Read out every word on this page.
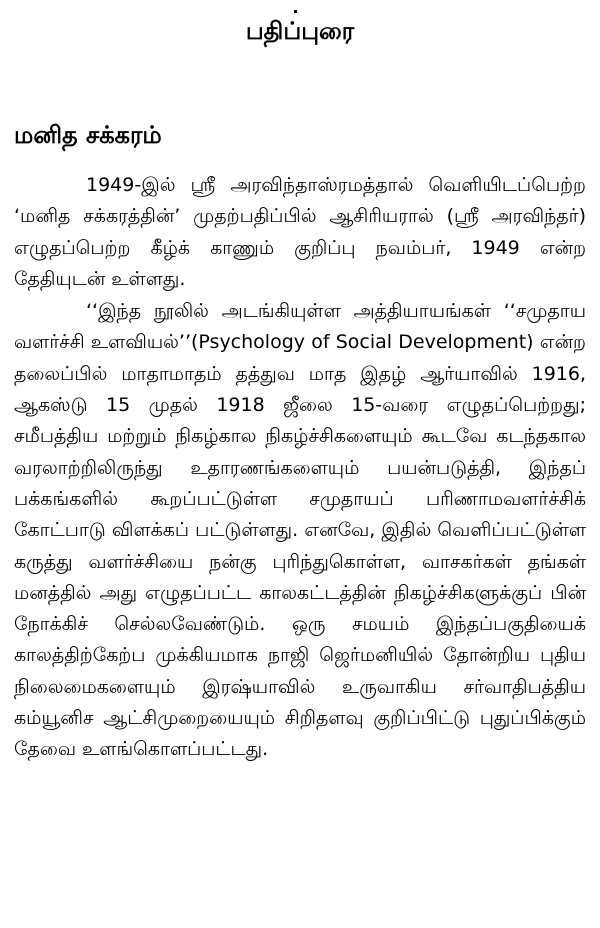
பதிப்புரை
மனித சக்கரம்

1949-இல் ஸ்ரீ அரவிந்தாஸ்ரமத்தால் வெளியிடப்பெற்ற ‘மனித சக்கரத்தின்’ முதற்பதிப்பில் ஆசிரியரால் (ஸ்ரீ அரவிந்தர்) எழுதப்பெற்ற கீழ்க் காணும் குறிப்பு நவம்பர், 1949 என்ற தேதியுடன் உள்ளது.

‘‘இந்த நூலில் அடங்கியுள்ள அத்தியாயங்கள் ‘‘சமுதாய வளர்ச்சி உளவியல்’’(Psychology of Social Development) என்ற தலைப்பில் மாதாமாதம் தத்துவ மாத இதழ் ஆர்யாவில் 1916, ஆகஸ்டு 15 முதல் 1918 ஜீலை 15-வரை எழுதப்பெற்றது; சமீபத்திய மற்றும் நிகழ்கால நிகழ்ச்சிகளையும் கூடவே கடந்தகால வரலாற்றிலிருந்து உதாரணங்களையும் பயன்படுத்தி, இந்தப் பக்கங்களில் கூறப்பட்டுள்ள சமுதாயப் பரிணாமவளர்ச்சிக் கோட்பாடு விளக்கப் பட்டுள்ளது. எனவே, இதில் வெளிப்பட்டுள்ள கருத்து வளர்ச்சியை நன்கு புரிந்துகொள்ள, வாசகர்கள் தங்கள் மனத்தில் அது எழுதப்பட்ட காலகட்டத்தின் நிகழ்ச்சிகளுக்குப் பின் நோக்கிச் செல்லவேண்டும். ஒரு சமயம் இந்தப்பகுதியைக் காலத்திற்கேற்ப முக்கியமாக நாஜி ஜெர்மனியில் தோன்றிய புதிய நிலைமைகளையும் இரஷ்யாவில் உருவாகிய சர்வாதிபத்திய கம்யூனிச ஆட்சிமுறையையும் சிறிதளவு குறிப்பிட்டு புதுப்பிக்கும் தேவை உளங்கொளப்பட்டது.
